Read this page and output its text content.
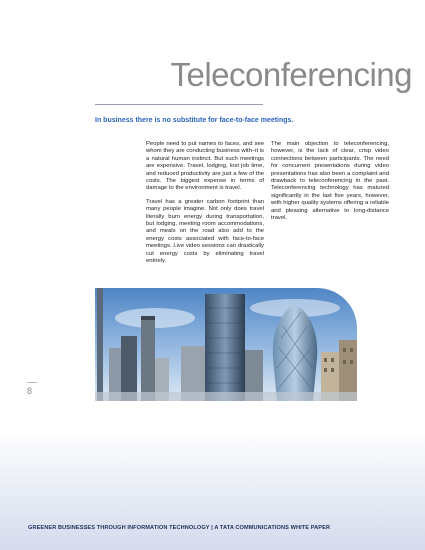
Teleconferencing

In business there is no substitute for face-to-face meetings.

People need to put names to faces, and see whom they are conducting business with–it is a natural human instinct. But such meetings are expensive. Travel, lodging, lost job time, and reduced productivity are just a few of the costs. The biggest expense in terms of damage to the environment is travel.

Travel has a greater carbon footprint than many people imagine. Not only does travel literally burn energy during transportation, but lodging, meeting room accommodations, and meals on the road also add to the energy costs associated with face-to-face meetings. Live video sessions can drastically cut energy costs by eliminating travel entirely.

The main objection to teleconferencing, however, is the lack of clear, crisp video connections between participants. The need for concurrent presentations during video presentations has also been a complaint and drawback to teleconferencing in the past. Teleconferencing technology has matured significantly in the last five years, however, with higher quality systems offering a reliable and pleasing alternative to long-distance travel.

8

GREENER BUSINESSES THROUGH INFORMATION TECHNOLOGY | A TATA COMMUNICATIONS WHITE PAPER
